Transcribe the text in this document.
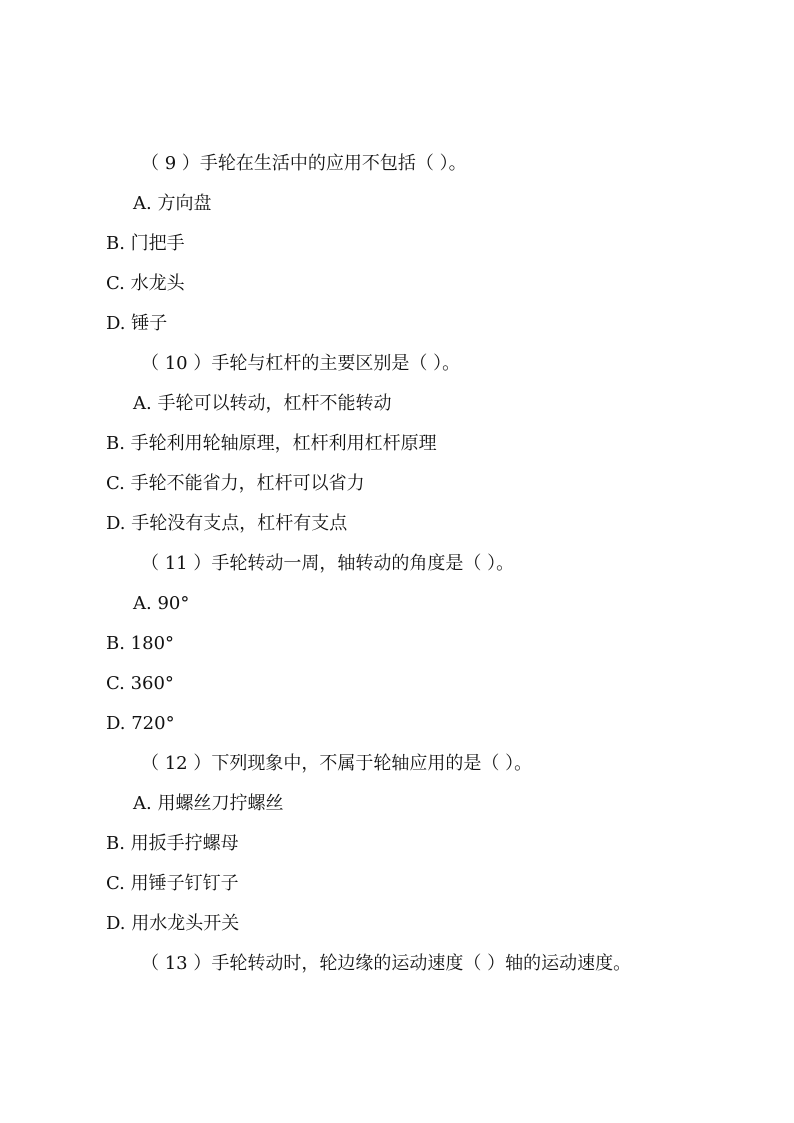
（ 9 ）手轮在生活中的应用不包括（ ）。
A. 方向盘
B. 门把手
C. 水龙头
D. 锤子
（ 10 ）手轮与杠杆的主要区别是（ ）。
A. 手轮可以转动，杠杆不能转动
B. 手轮利用轮轴原理，杠杆利用杠杆原理
C. 手轮不能省力，杠杆可以省力
D. 手轮没有支点，杠杆有支点
（ 11 ）手轮转动一周，轴转动的角度是（ ）。
A. 90°
B. 180°
C. 360°
D. 720°
（ 12 ）下列现象中，不属于轮轴应用的是（ ）。
A. 用螺丝刀拧螺丝
B. 用扳手拧螺母
C. 用锤子钉钉子
D. 用水龙头开关
（ 13 ）手轮转动时，轮边缘的运动速度（ ）轴的运动速度。
